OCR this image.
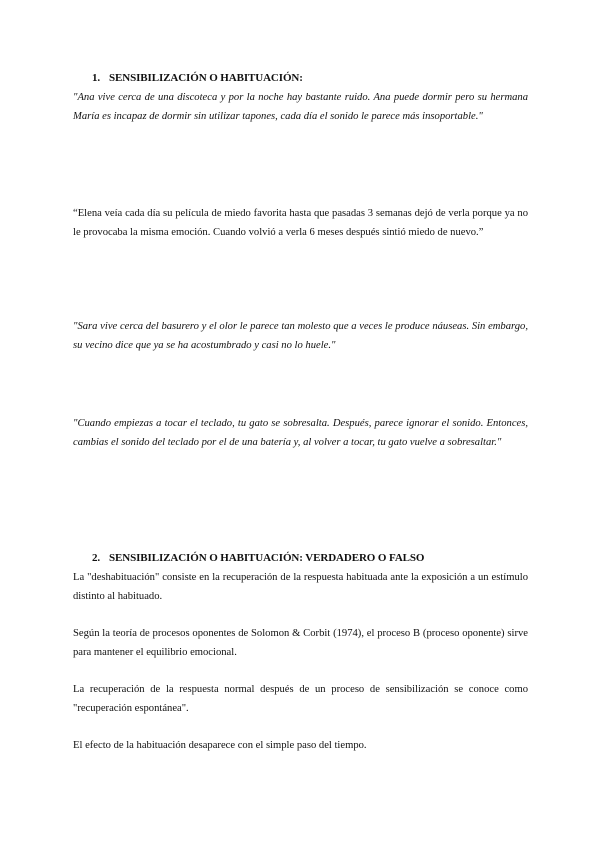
1. SENSIBILIZACIÓN O HABITUACIÓN:

"Ana vive cerca de una discoteca y por la noche hay bastante ruido. Ana puede dormir pero su hermana María es incapaz de dormir sin utilizar tapones, cada día el sonido le parece más insoportable."

“Elena veía cada día su película de miedo favorita hasta que pasadas 3 semanas dejó de verla porque ya no le provocaba la misma emoción. Cuando volvió a verla 6 meses después sintió miedo de nuevo.”

"Sara vive cerca del basurero y el olor le parece tan molesto que a veces le produce náuseas. Sin embargo, su vecino dice que ya se ha acostumbrado y casi no lo huele."

"Cuando empiezas a tocar el teclado, tu gato se sobresalta. Después, parece ignorar el sonido. Entonces, cambias el sonido del teclado por el de una batería y, al volver a tocar, tu gato vuelve a sobresaltar."

2. SENSIBILIZACIÓN O HABITUACIÓN: VERDADERO O FALSO

La "deshabituación" consiste en la recuperación de la respuesta habituada ante la exposición a un estímulo distinto al habituado.

Según la teoría de procesos oponentes de Solomon & Corbit (1974), el proceso B (proceso oponente) sirve para mantener el equilibrio emocional.

La recuperación de la respuesta normal después de un proceso de sensibilización se conoce como "recuperación espontánea".

El efecto de la habituación desaparece con el simple paso del tiempo.
